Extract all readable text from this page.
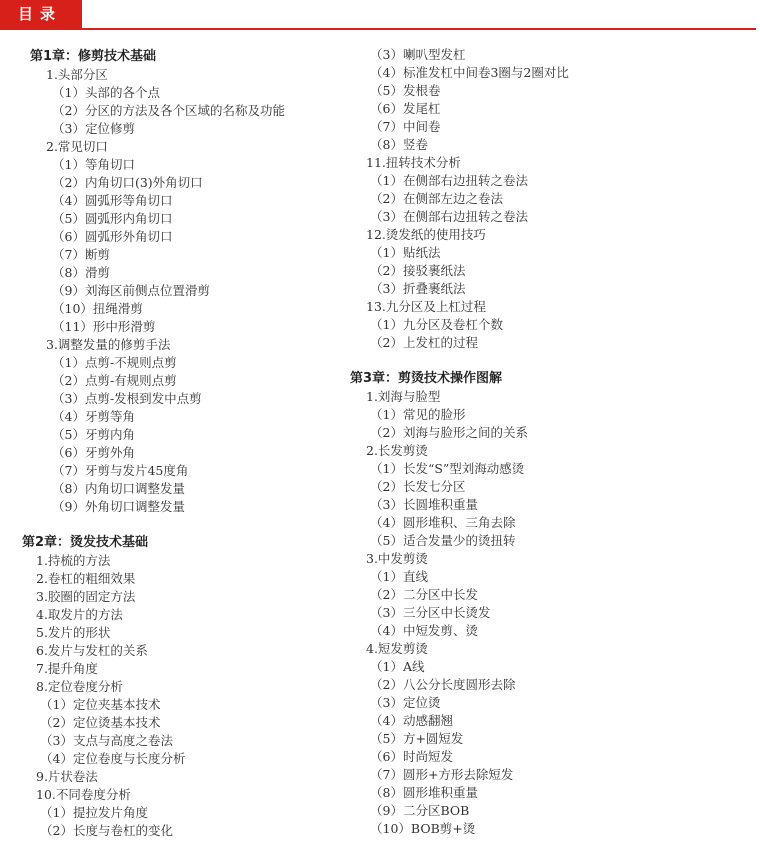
目录
第1章：修剪技术基础
1.头部分区
（1）头部的各个点
（2）分区的方法及各个区域的名称及功能
（3）定位修剪
2.常见切口
（1）等角切口
（2）内角切口(3)外角切口
（4）圆弧形等角切口
（5）圆弧形内角切口
（6）圆弧形外角切口
（7）断剪
（8）滑剪
（9）刘海区前侧点位置滑剪
（10）扭绳滑剪
（11）形中形滑剪
3.调整发量的修剪手法
（1）点剪-不规则点剪
（2）点剪-有规则点剪
（3）点剪-发根到发中点剪
（4）牙剪等角
（5）牙剪内角
（6）牙剪外角
（7）牙剪与发片45度角
（8）内角切口调整发量
（9）外角切口调整发量
第2章：烫发技术基础
1.持梳的方法
2.卷杠的粗细效果
3.胶圈的固定方法
4.取发片的方法
5.发片的形状
6.发片与发杠的关系
7.提升角度
8.定位卷度分析
（1）定位夹基本技术
（2）定位烫基本技术
（3）支点与高度之卷法
（4）定位卷度与长度分析
9.片状卷法
10.不同卷度分析
（1）提拉发片角度
（2）长度与卷杠的变化
（3）喇叭型发杠
（4）标准发杠中间卷3圈与2圈对比
（5）发根卷
（6）发尾杠
（7）中间卷
（8）竖卷
11.扭转技术分析
（1）在侧部右边扭转之卷法
（2）在侧部左边之卷法
（3）在侧部右边扭转之卷法
12.烫发纸的使用技巧
（1）贴纸法
（2）接驳裹纸法
（3）折叠裹纸法
13.九分区及上杠过程
（1）九分区及卷杠个数
（2）上发杠的过程
第3章：剪烫技术操作图解
1.刘海与脸型
（1）常见的脸形
（2）刘海与脸形之间的关系
2.长发剪烫
（1）长发“S”型刘海动感烫
（2）长发七分区
（3）长圆堆积重量
（4）圆形堆积、三角去除
（5）适合发量少的烫扭转
3.中发剪烫
（1）直线
（2）二分区中长发
（3）三分区中长烫发
（4）中短发剪、烫
4.短发剪烫
（1）A线
（2）八公分长度圆形去除
（3）定位烫
（4）动感翻翘
（5）方+圆短发
（6）时尚短发
（7）圆形+方形去除短发
（8）圆形堆积重量
（9）二分区BOB
（10）BOB剪+烫
